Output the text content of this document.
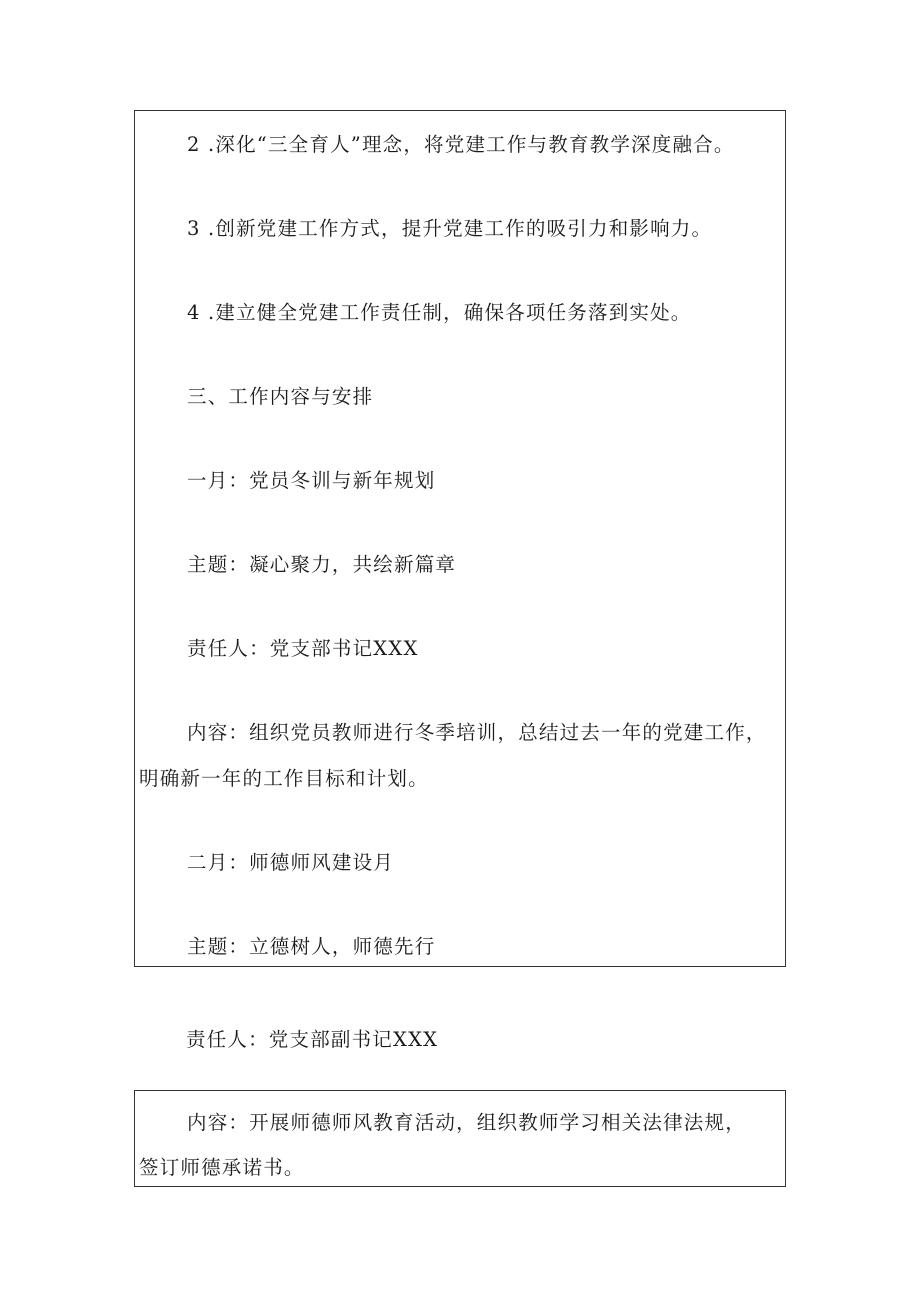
2 .深化“三全育人”理念，将党建工作与教育教学深度融合。
3 .创新党建工作方式，提升党建工作的吸引力和影响力。
4 .建立健全党建工作责任制，确保各项任务落到实处。
三、工作内容与安排
一月：党员冬训与新年规划
主题：凝心聚力，共绘新篇章
责任人：党支部书记XXX
内容：组织党员教师进行冬季培训，总结过去一年的党建工作，
明确新一年的工作目标和计划。
二月：师德师风建设月
主题：立德树人，师德先行
责任人：党支部副书记XXX
内容：开展师德师风教育活动，组织教师学习相关法律法规，
签订师德承诺书。
